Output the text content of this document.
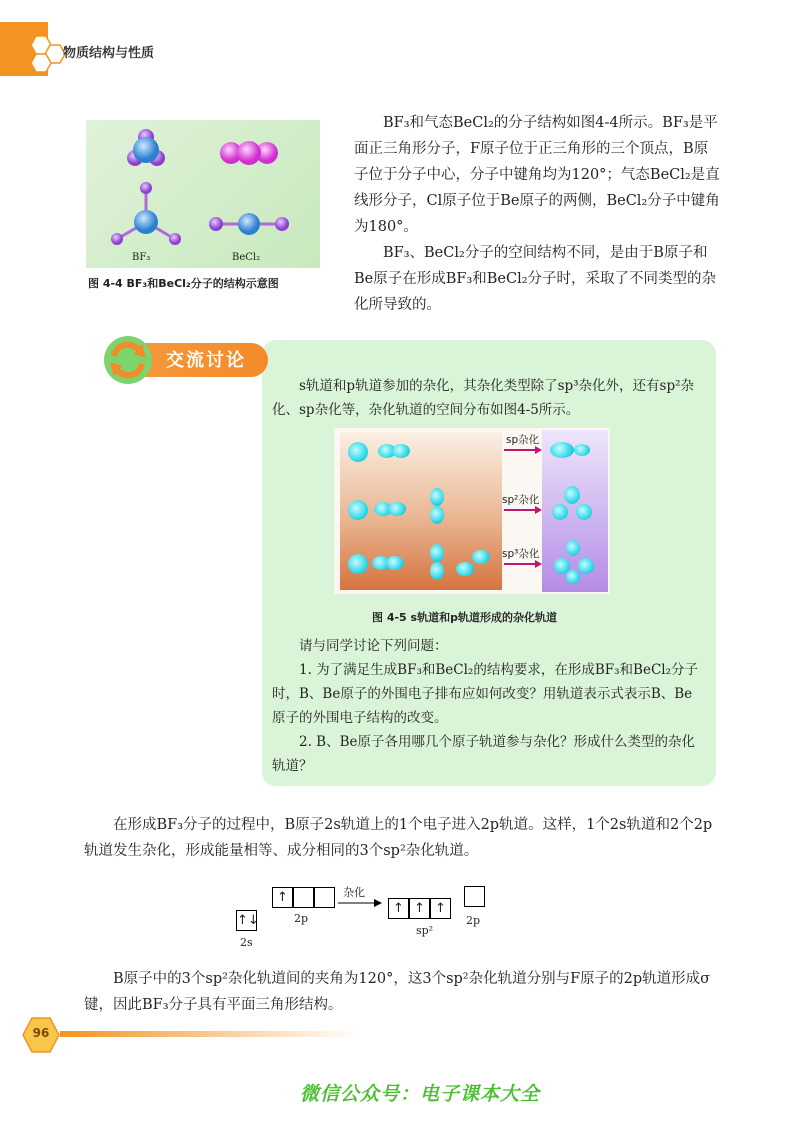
物质结构与性质
BF₃	BeCl₂
图 4-4 BF₃和BeCl₂分子的结构示意图

BF₃和气态BeCl₂的分子结构如图4-4所示。BF₃是平面正三角形分子，F原子位于正三角形的三个顶点，B原子位于分子中心，分子中键角均为120°；气态BeCl₂是直线形分子，Cl原子位于Be原子的两侧，BeCl₂分子中键角为180°。

BF₃、BeCl₂分子的空间结构不同，是由于B原子和Be原子在形成BF₃和BeCl₂分子时，采取了不同类型的杂化所导致的。

交流讨论
s轨道和p轨道参加的杂化，其杂化类型除了sp³杂化外，还有sp²杂化、sp杂化等，杂化轨道的空间分布如图4-5所示。
sp杂化
sp²杂化
sp³杂化
图 4-5 s轨道和p轨道形成的杂化轨道
请与同学讨论下列问题：
1. 为了满足生成BF₃和BeCl₂的结构要求，在形成BF₃和BeCl₂分子时，B、Be原子的外围电子排布应如何改变？用轨道表示式表示B、Be原子的外围电子结构的改变。
2. B、Be原子各用哪几个原子轨道参与杂化？形成什么类型的杂化轨道？

在形成BF₃分子的过程中，B原子2s轨道上的1个电子进入2p轨道。这样，1个2s轨道和2个2p轨道发生杂化，形成能量相等、成分相同的3个sp²杂化轨道。

↑↓
2s
↑
2p
杂化
↑ ↑ ↑
sp²
2p

B原子中的3个sp²杂化轨道间的夹角为120°，这3个sp²杂化轨道分别与F原子的2p轨道形成σ键，因此BF₃分子具有平面三角形结构。

96
微信公众号：电子课本大全
